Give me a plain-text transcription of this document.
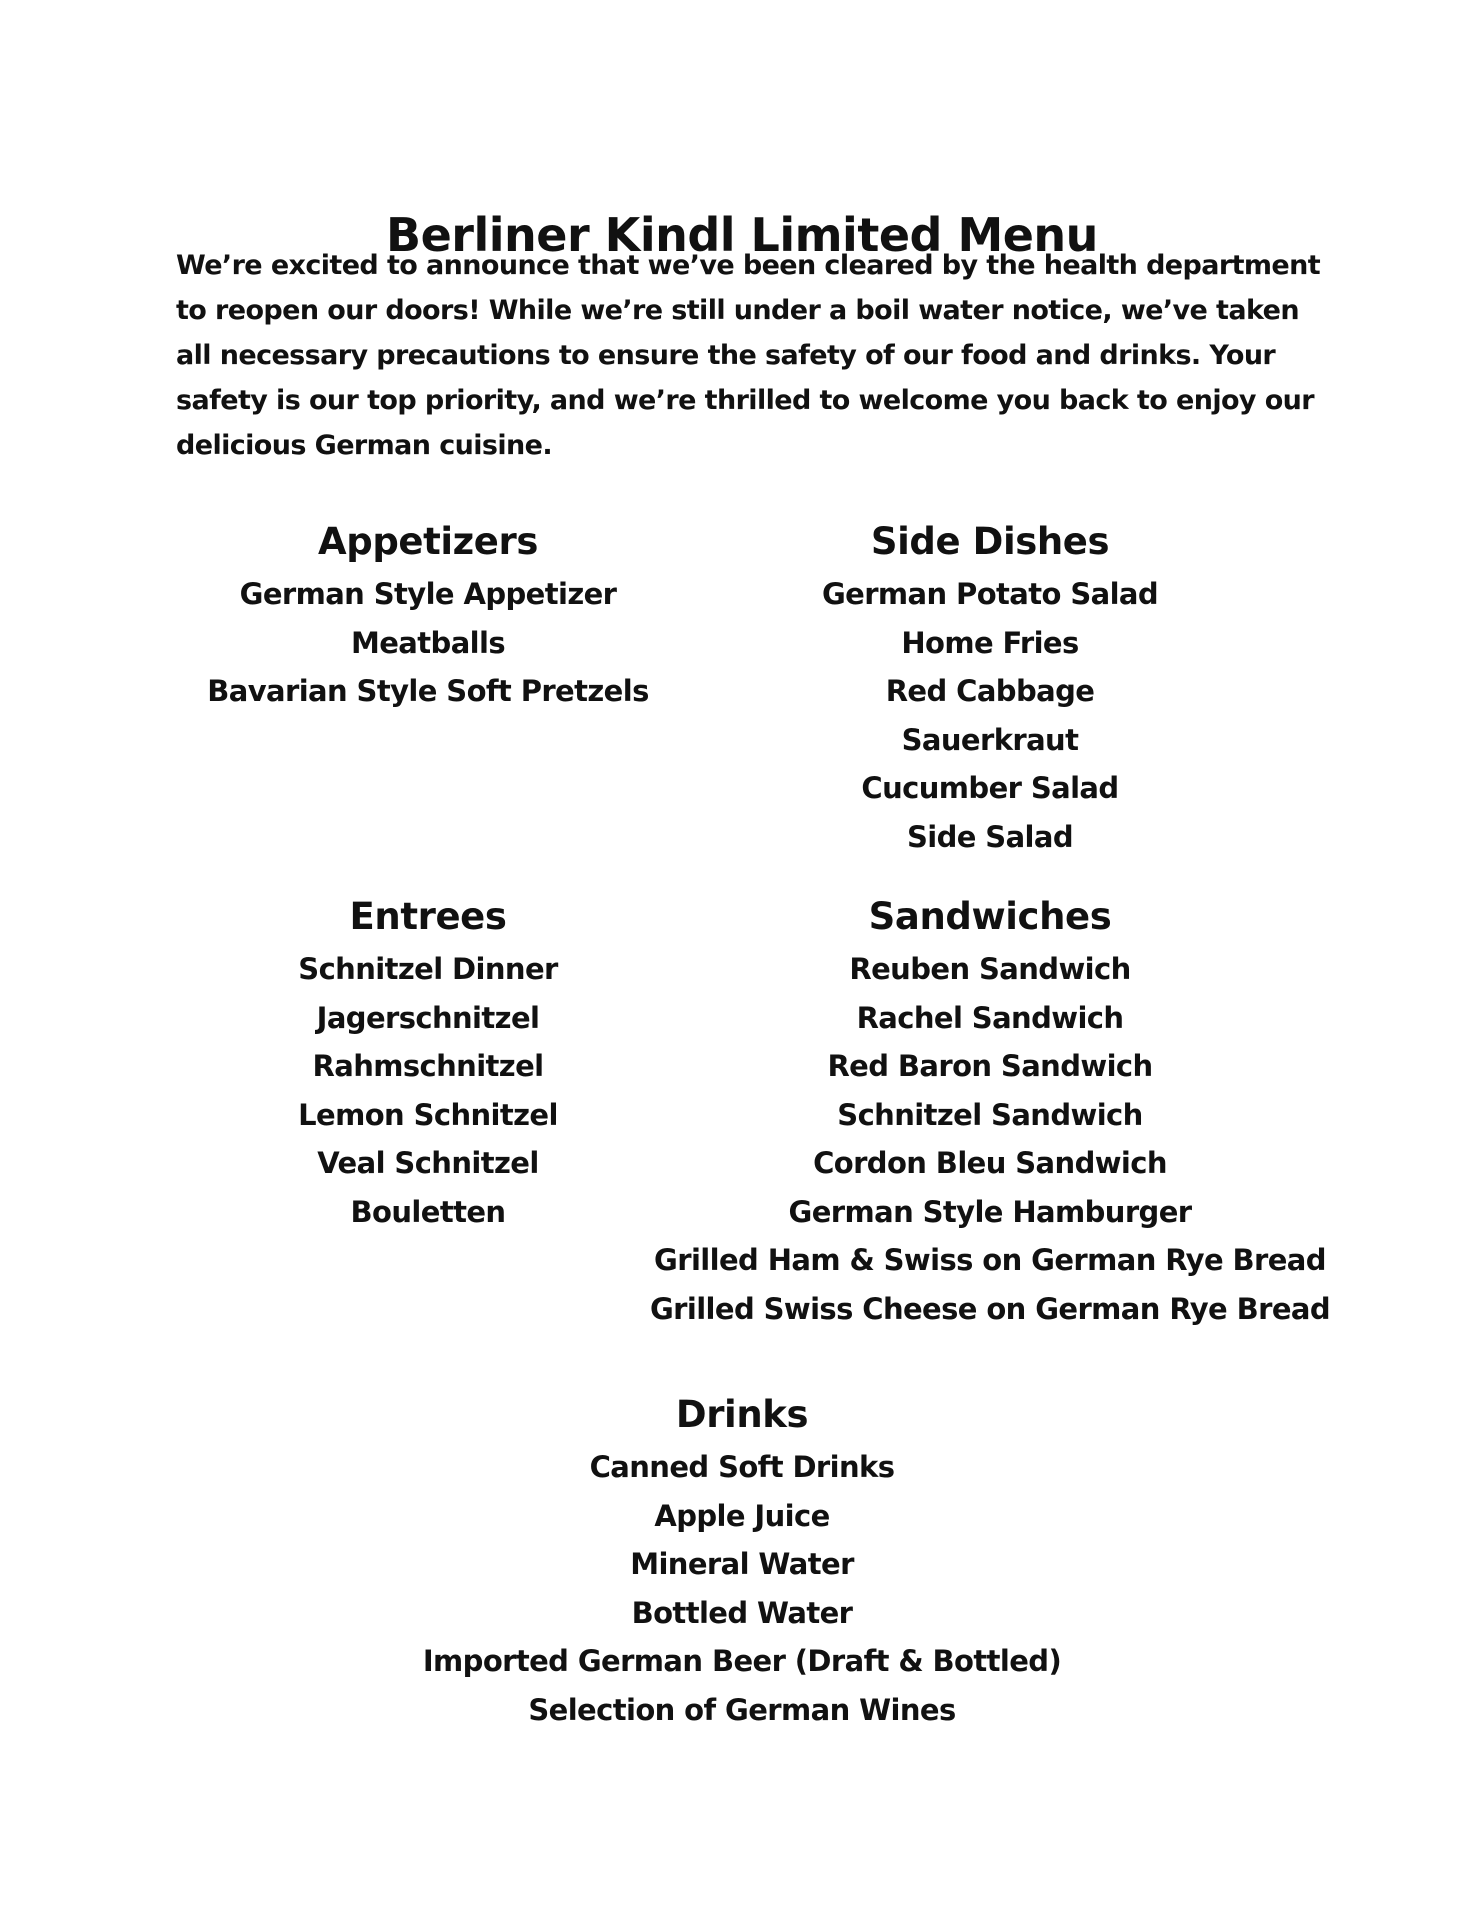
Berliner Kindl Limited Menu

We’re excited to announce that we’ve been cleared by the health department to reopen our doors! While we’re still under a boil water notice, we’ve taken all necessary precautions to ensure the safety of our food and drinks. Your safety is our top priority, and we’re thrilled to welcome you back to enjoy our delicious German cuisine.

Appetizers
German Style Appetizer
Meatballs
Bavarian Style Soft Pretzels
Side Dishes
German Potato Salad
Home Fries
Red Cabbage
Sauerkraut
Cucumber Salad
Side Salad
Entrees
Schnitzel Dinner
Jagerschnitzel
Rahmschnitzel
Lemon Schnitzel
Veal Schnitzel
Bouletten
Sandwiches
Reuben Sandwich
Rachel Sandwich
Red Baron Sandwich
Schnitzel Sandwich
Cordon Bleu Sandwich
German Style Hamburger
Grilled Ham & Swiss on German Rye Bread
Grilled Swiss Cheese on German Rye Bread
Drinks
Canned Soft Drinks
Apple Juice
Mineral Water
Bottled Water
Imported German Beer (Draft & Bottled)
Selection of German Wines
